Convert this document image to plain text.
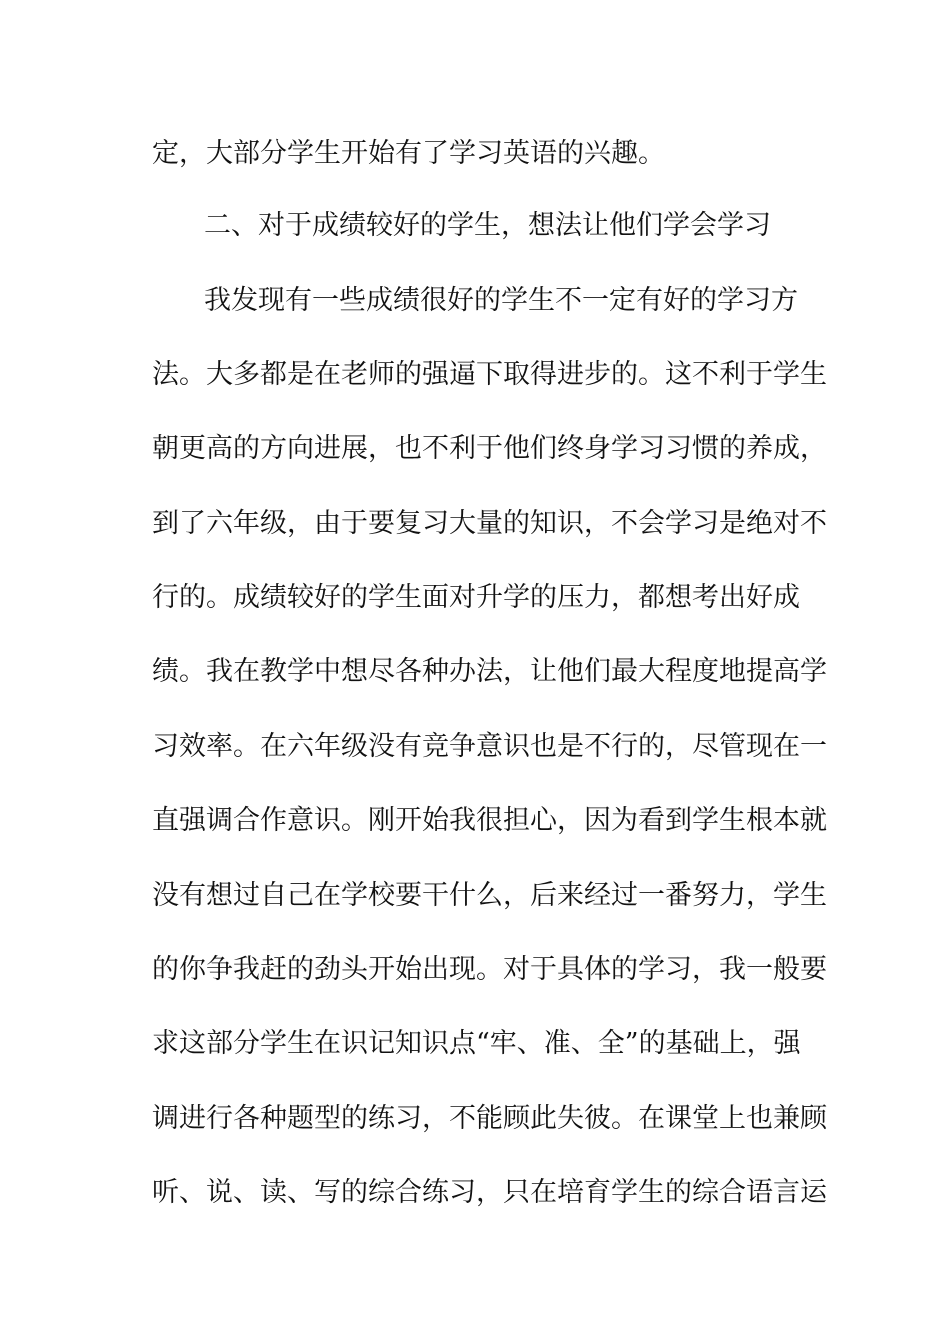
定，大部分学生开始有了学习英语的兴趣。
二、对于成绩较好的学生，想法让他们学会学习
我发现有一些成绩很好的学生不一定有好的学习方
法。大多都是在老师的强逼下取得进步的。这不利于学生
朝更高的方向进展，也不利于他们终身学习习惯的养成，
到了六年级，由于要复习大量的知识，不会学习是绝对不
行的。成绩较好的学生面对升学的压力，都想考出好成
绩。我在教学中想尽各种办法，让他们最大程度地提高学
习效率。在六年级没有竞争意识也是不行的，尽管现在一
直强调合作意识。刚开始我很担心，因为看到学生根本就
没有想过自己在学校要干什么，后来经过一番努力，学生
的你争我赶的劲头开始出现。对于具体的学习，我一般要
求这部分学生在识记知识点“牢、准、全”的基础上，强
调进行各种题型的练习，不能顾此失彼。在课堂上也兼顾
听、说、读、写的综合练习，只在培育学生的综合语言运
